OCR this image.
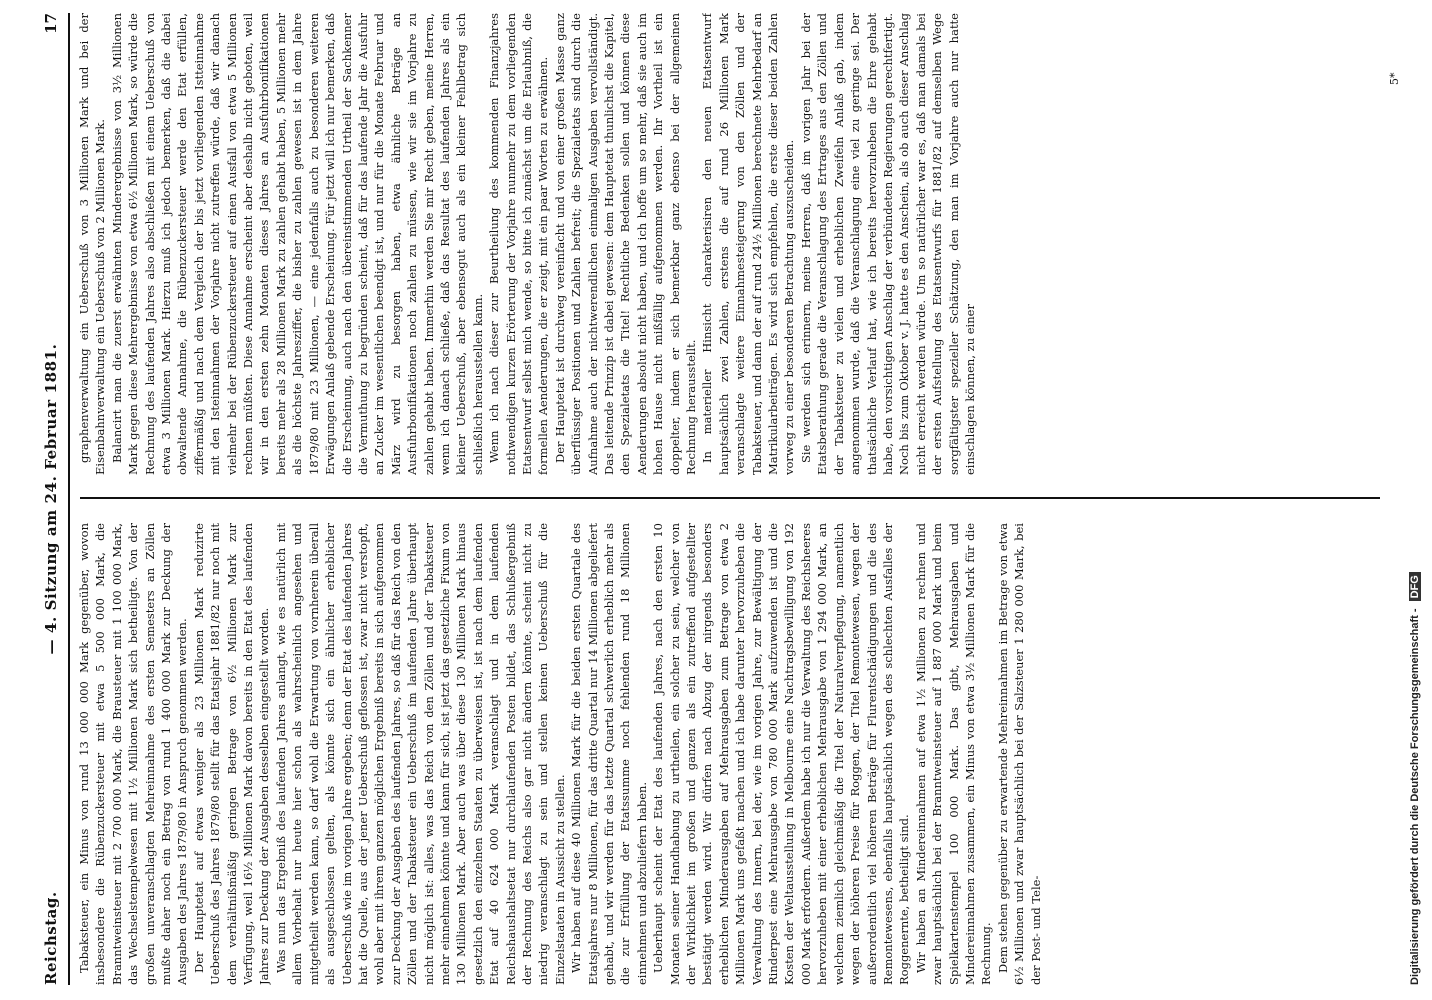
Reichstag.
— 4. Sitzung am 24. Februar 1881.
17

Tabaksteuer, ein Minus von rund 13 000 000 Mark gegenüber, wovon insbesondere die Rübenzuckersteuer mit etwa 5 500 000 Mark, die Branntweinsteuer mit 2 700 000 Mark, die Brausteuer mit 1 100 000 Mark, das Wechselstempelwesen mit 1½ Millionen Mark sich betheiligte. Von der großen unveranschlagten Mehreinnahme des ersten Semesters an Zöllen mußte daher noch ein Betrag von rund 1 400 000 Mark zur Deckung der Ausgaben des Jahres 1879/80 in Anspruch genommen werden. Der Hauptetat auf etwas weniger als 23 Millionen Mark reduzirte Ueberschuß des Jahres 1879/80 stellt für das Etatsjahr 1881/82 nur noch mit dem verhältnißmäßig geringen Betrage von 6½ Millionen Mark zur Verfügung, weil 16½ Millionen Mark davon bereits in den Etat des laufenden Jahres zur Deckung der Ausgaben desselben eingestellt worden. Was nun das Ergebniß des laufenden Jahres anlangt, wie es natürlich mit allem Vorbehalt nur heute hier schon als wahrscheinlich angesehen und mitgetheilt werden kann, so darf wohl die Erwartung von vornherein überall als ausgeschlossen gelten, als könnte sich ein ähnlicher erheblicher Ueberschuß wie im vorigen Jahre ergeben; denn der Etat des laufenden Jahres hat die Quelle, aus der jener Ueberschuß geflossen ist, zwar nicht verstopft, wohl aber mit ihrem ganzen möglichen Ergebniß bereits in sich aufgenommen zur Deckung der Ausgaben des laufenden Jahres, so daß für das Reich von den Zöllen und der Tabaksteuer ein Ueberschuß im laufenden Jahre überhaupt nicht möglich ist: alles, was das Reich von den Zöllen und der Tabaksteuer mehr einnehmen könnte und kann für sich, ist jetzt das gesetzliche Fixum von 130 Millionen Mark. Aber auch was über diese 130 Millionen Mark hinaus gesetzlich den einzelnen Staaten zu überweisen ist, ist nach dem laufenden Etat auf 40 624 000 Mark veranschlagt und in dem laufenden Reichshaushaltsetat nur durchlaufenden Posten bildet, das Schlußergebniß der Rechnung des Reichs also gar nicht ändern könnte, scheint nicht zu niedrig veranschlagt zu sein und stellen keinen Ueberschuß für die Einzelstaaten in Aussicht zu stellen. Wir haben auf diese 40 Millionen Mark für die beiden ersten Quartale des Etatsjahres nur 8 Millionen, für das dritte Quartal nur 14 Millionen abgeliefert gehabt, und wir werden für das letzte Quartal schwerlich erheblich mehr als die zur Erfüllung der Etatssumme noch fehlenden rund 18 Millionen einnehmen und abzuliefern haben. Ueberhaupt scheint der Etat des laufenden Jahres, nach den ersten 10 Monaten seiner Handhabung zu urtheilen, ein solcher zu sein, welcher von der Wirklichkeit im großen und ganzen als ein zutreffend aufgestellter bestätigt werden wird. Wir dürfen nach Abzug der nirgends besonders erheblichen Minderausgaben auf Mehrausgaben zum Betrage von etwa 2 Millionen Mark uns gefaßt machen und ich habe darunter hervorzuheben die Verwaltung des Innern, bei der, wie im vorigen Jahre, zur Bewältigung der Rinderpest eine Mehrausgabe von 780 000 Mark aufzuwenden ist und die Kosten der Weltausstellung in Melbourne eine Nachtragsbewilligung von 192 000 Mark erfordern. Außerdem habe ich nur die Verwaltung des Reichsheeres hervorzuheben mit einer erheblichen Mehrausgabe von 1 294 000 Mark, an welchem ziemlich gleichmäßig die Titel der Naturalverpflegung, namentlich wegen der höheren Preise für Roggen, der Titel Remontewesen, wegen der außerordentlich viel höheren Beträge für Flurentschädigungen und die des Remontewesens, ebenfalls hauptsächlich wegen des schlechten Ausfalles der Roggenernte, betheiligt sind. Wir haben an Mindereinnahmen auf etwa 1½ Millionen zu rechnen und zwar hauptsächlich bei der Branntweinsteuer auf 1 887 000 Mark und beim Spielkartenstempel 100 000 Mark. Das gibt, Mehrausgaben und Mindereinnahmen zusammen, ein Minus von etwa 3½ Millionen Mark für die Rechnung. Dem stehen gegenüber zu erwartende Mehreinnahmen im Betrage von etwa 6½ Millionen und zwar hauptsächlich bei der Salzsteuer 1 280 000 Mark, bei der Post- und Tele-

graphenverwaltung ein Ueberschuß von 3 Millionen Mark und bei der Eisenbahnverwaltung ein Ueberschuß von 2 Millionen Mark. Balancirt man die zuerst erwähnten Minderergebnisse von 3½ Millionen Mark gegen diese Mehrergebnisse von etwa 6½ Millionen Mark, so würde die Rechnung des laufenden Jahres also abschließen mit einem Ueberschuß von etwa 3 Millionen Mark. Hierzu muß ich jedoch bemerken, daß die dabei obwaltende Annahme, die Rübenzuckersteuer werde den Etat erfüllen, ziffermäßig und nach dem Vergleich der bis jetzt vorliegenden Istteinnahme mit den Isteinnahmen der Vorjahre nicht zutreffen würde, daß wir danach vielmehr bei der Rübenzuckersteuer auf einen Ausfall von etwa 5 Millionen rechnen müßten. Diese Annahme erscheint aber deshalb nicht geboten, weil wir in den ersten zehn Monaten dieses Jahres an Ausfuhrbonifikationen bereits mehr als 28 Millionen Mark zu zahlen gehabt haben, 5 Millionen mehr als die höchste Jahresziffer, die bisher zu zahlen gewesen ist in dem Jahre 1879/80 mit 23 Millionen, — eine jedenfalls auch zu besonderen weiteren Erwägungen Anlaß gebende Erscheinung. Für jetzt will ich nur bemerken, daß die Erscheinung, auch nach den übereinstimmenden Urtheil der Sachkenner die Vermuthung zu begründen scheint, daß für das laufende Jahr die Ausfuhr an Zucker im wesentlichen beendigt ist, und nur für die Monate Februar und März wird zu besorgen haben, etwa ähnliche Beträge an Ausfuhrbonifikationen noch zahlen zu müssen, wie wir sie im Vorjahre zu zahlen gehabt haben. Immerhin werden Sie mir Recht geben, meine Herren, wenn ich danach schließe, daß das Resultat des laufenden Jahres als ein kleiner Ueberschuß, aber ebensogut auch als ein kleiner Fehlbetrag sich schließlich herausstellen kann. Wenn ich nach dieser zur Beurtheilung des kommenden Finanzjahres nothwendigen kurzen Erörterung der Vorjahre nunmehr zu dem vorliegenden Etatsentwurf selbst mich wende, so bitte ich zunächst um die Erlaubniß, die formellen Aenderungen, die er zeigt, mit ein paar Worten zu erwähnen. Der Hauptetat ist durchweg vereinfacht und von einer großen Masse ganz überflüssiger Positionen und Zahlen befreit; die Spezialetats sind durch die Aufnahme auch der nichtwerendlichen einmaligen Ausgaben vervollständigt. Das leitende Prinzip ist dabei gewesen: dem Hauptetat thunlichst die Kapitel, den Spezialetats die Titel! Rechtliche Bedenken sollen und können diese Aenderungen absolut nicht haben, und ich hoffe um so mehr, daß sie auch im hohen Hause nicht mißfällig aufgenommen werden. Ihr Vortheil ist ein doppelter, indem er sich bemerkbar ganz ebenso bei der allgemeinen Rechnung herausstellt. In materieller Hinsicht charakterisiren den neuen Etatsentwurf hauptsächlich zwei Zahlen, erstens die auf rund 26 Millionen Mark veranschlagte weitere Einnahmesteigerung von den Zöllen und der Tabaksteuer, und dann der auf rund 24½ Millionen berechnete Mehrbedarf an Matrikularbeiträgen. Es wird sich empfehlen, die erste dieser beiden Zahlen vorweg zu einer besonderen Betrachtung auszuscheiden. Sie werden sich erinnern, meine Herren, daß im vorigen Jahr bei der Etatsberathung gerade die Veranschlagung des Ertrages aus den Zöllen und der Tabaksteuer zu vielen und erheblichen Zweifeln Anlaß gab, indem angenommen wurde, daß die Veranschlagung eine viel zu geringe sei. Der thatsächliche Verlauf hat, wie ich bereits hervorzuheben die Ehre gehabt habe, den vorsichtigen Anschlag der verbündeten Regierungen gerechtfertigt. Noch bis zum Oktober v. J. hatte es den Anschein, als ob auch dieser Anschlag nicht erreicht werden würde. Um so natürlicher war es, daß man damals bei der ersten Aufstellung des Etatsentwurfs für 1881/82 auf demselben Wege sorgfältigster spezieller Schätzung, den man im Vorjahre auch nur hatte einschlagen können, zu einer

5*
Digitalisierung gefördert durch die Deutsche Forschungsgemeinschaft - DFG
